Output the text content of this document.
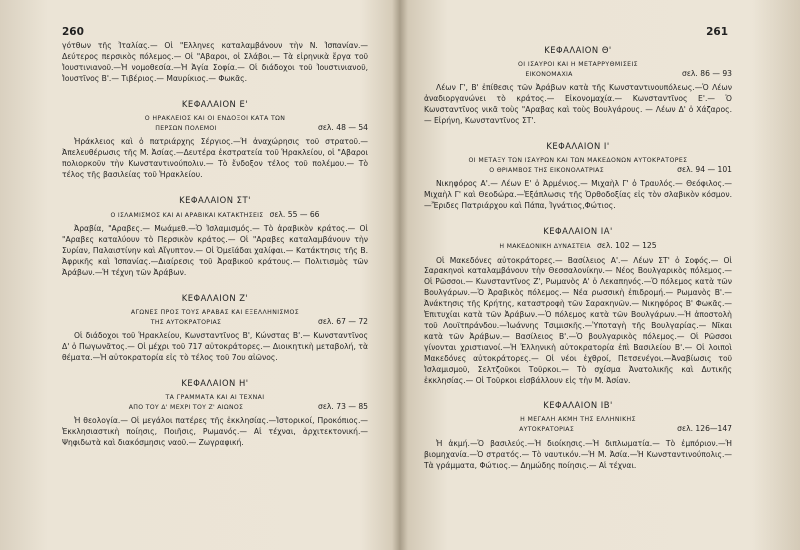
260

γότθων τῆς Ἰταλίας.— Οἱ "Ελληνες καταλαμβάνουν τὴν Ν. Ἱσπανίαν.— Δεύτερος περσικὸς πόλεμος.— Οἱ "Αβαροι, οἱ Σλάβοι.— Τὰ εἰρηνικὰ ἔργα τοῦ Ἰουστινιανοῦ.—Ἡ νομοθεσία.—Ἡ Ἁγία Σοφία.— Οἱ διάδοχοι τοῦ Ἰουστινιανοῦ, Ἰουστῖνος Β'.— Τιβέριος.— Μαυρίκιος.— Φωκᾶς.

ΚΕΦΑΛΑΙΟΝ Ε'
Ο ΗΡΑΚΛΕΙΟΣ ΚΑΙ ΟΙ ΕΝΔΟΞΟΙ ΚΑΤΑ ΤΩΝ
ΠΕΡΣΩΝ ΠΟΛΕΜΟΙ	σελ. 48 — 54

Ἡράκλειος καὶ ὁ πατριάρχης Σέργιος.—Ἡ ἀναχώρησις τοῦ στρατοῦ.—Ἀπελευθέρωσις τῆς Μ. Ἀσίας.—Δευτέρα ἐκστρατεία τοῦ Ἡρακλείου, οἱ "Αβαροι πολιορκοῦν τὴν Κωνσταντινούπολιν.— Τὸ ἔνδοξον τέλος τοῦ πολέμου.— Τὸ τέλος τῆς βασιλείας τοῦ Ἡρακλείου.

ΚΕΦΑΛΑΙΟΝ ΣΤ'
Ο ΙΣΛΑΜΙΣΜΟΣ ΚΑΙ ΑΙ ΑΡΑΒΙΚΑΙ ΚΑΤΑΚΤΗΣΕΙΣ σελ. 55 — 66

Ἀραβία, "Αραβες.— Μωάμεθ.—Ὁ Ἰσλαμισμός.— Τὸ ἀραβικὸν κράτος.— Οἱ "Αραβες καταλύουν τὸ Περσικὸν κράτος.— Οἱ "Αραβες καταλαμβάνουν τὴν Συρίαν, Παλαιστίνην καὶ Αἴγυπτον.— Οἱ Ὀμεϊάδαι χαλίφαι.— Κατάκτησις τῆς Β. Ἀφρικῆς καὶ Ἱσπανίας.—Διαίρεσις τοῦ Ἀραβικοῦ κράτους.— Πολιτισμὸς τῶν Ἀράβων.—Ἡ τέχνη τῶν Ἀράβων.

ΚΕΦΑΛΑΙΟΝ Ζ'
ΑΓΩΝΕΣ ΠΡΟΣ ΤΟΥΣ ΑΡΑΒΑΣ ΚΑΙ ΕΞΕΛΛΗΝΙΣΜΟΣ
ΤΗΣ ΑΥΤΟΚΡΑΤΟΡΙΑΣ	σελ. 67 — 72

Οἱ διάδοχοι τοῦ Ἡρακλείου, Κωνσταντῖνος Β', Κώνστας Β'.— Κωνσταντῖνος Δ' ὁ Πωγωνᾶτος.— Οἱ μέχρι τοῦ 717 αὐτοκράτορες.— Διοικητικὴ μεταβολή, τὰ θέματα.—Ἡ αὐτοκρατορία εἰς τὸ τέλος τοῦ 7ου αἰῶνος.

ΚΕΦΑΛΑΙΟΝ Η'
ΤΑ ΓΡΑΜΜΑΤΑ ΚΑΙ ΑΙ ΤΕΧΝΑΙ
ΑΠΟ ΤΟΥ Δ' ΜΕΧΡΙ ΤΟΥ Ζ' ΑΙΩΝΟΣ	σελ. 73 — 85

Ἡ θεολογία.— Οἱ μεγάλοι πατέρες τῆς ἐκκλησίας.—Ἱστορικοί, Προκόπιος.—Ἐκκλησιαστικὴ ποίησις, Ποιῆσις, Ρωμανός.— Αἱ τέχναι, ἀρχιτεκτονική.— Ψηφιδωτὰ καὶ διακόσμησις ναοῦ.— Ζωγραφική.

261
ΚΕΦΑΛΑΙΟΝ Θ'
ΟΙ ΙΣΑΥΡΟΙ ΚΑΙ Η ΜΕΤΑΡΡΥΘΜΙΣΕΙΣ
ΕΙΚΟΝΟΜΑΧΙΑ	σελ. 86 — 93

Λέων Γ', Β' ἐπίθεσις τῶν Ἀράβων κατὰ τῆς Κωνσταντινουπόλεως.—Ὁ Λέων ἀναδιοργανώνει τὸ κράτος.— Εἰκονομαχία.— Κωνσταντῖνος Ε'.— Ὁ Κωνσταντῖνος νικᾶ τοὺς "Αραβας καὶ τοὺς Βουλγάρους. — Λέων Δ' ὁ Χάζαρος.— Εἰρήνη, Κωνσταντῖνος ΣΤ'.

ΚΕΦΑΛΑΙΟΝ Ι'
ΟΙ ΜΕΤΑΞΥ ΤΩΝ ΙΣΑΥΡΩΝ ΚΑΙ ΤΩΝ ΜΑΚΕΔΟΝΩΝ ΑΥΤΟΚΡΑΤΟΡΕΣ
Ο ΘΡΙΑΜΒΟΣ ΤΗΣ ΕΙΚΟΝΟΛΑΤΡΙΑΣ	σελ. 94 — 101

Νικηφόρος Α'.— Λέων Ε' ὁ Ἀρμένιος.— Μιχαὴλ Γ' ὁ Τραυλός.— Θεόφιλος.— Μιχαὴλ Γ' καὶ Θεοδώρα.—Ἐξάπλωσις τῆς Ὀρθοδοξίας εἰς τὸν σλαβικὸν κόσμον.—Ἔριδες Πατριάρχου καὶ Πάπα, Ἰγνάτιος,Φώτιος.

ΚΕΦΑΛΑΙΟΝ ΙΑ'
Η ΜΑΚΕΔΟΝΙΚΗ ΔΥΝΑΣΤΕΙΑ σελ. 102 — 125

Οἱ Μακεδόνες αὐτοκράτορες.— Βασίλειος Α'.— Λέων ΣΤ' ὁ Σοφός.— Οἱ Σαρακηνοὶ καταλαμβάνουν τὴν Θεσσαλονίκην.— Νέος Βουλγαρικὸς πόλεμος.— Οἱ Ρῶσσοι.— Κωνσταντῖνος Ζ', Ρωμανὸς Α' ὁ Λεκαπηνός.—Ὁ πόλεμος κατὰ τῶν Βουλγάρων.—Ὁ Ἀραβικὸς πόλεμος.— Νέα ρωσσικὴ ἐπιδρομή.— Ρωμανὸς Β'.—Ἀνάκτησις τῆς Κρήτης, καταστροφὴ τῶν Σαρακηνῶν.— Νικηφόρος Β' Φωκᾶς.—Ἐπιτυχίαι κατὰ τῶν Ἀράβων.—Ὁ πόλεμος κατὰ τῶν Βουλγάρων.—Ἡ ἀποστολὴ τοῦ Λουϊτπράνδου.—Ἰωάννης Τσιμισκῆς.—Ὑποταγὴ τῆς Βουλγαρίας.— Νῖκαι κατὰ τῶν Ἀράβων.— Βασίλειος Β'.—Ὁ βουλγαρικὸς πόλεμος.— Οἱ Ρῶσσοι γίνονται χριστιανοί.—Ἡ Ἑλληνικὴ αὐτοκρατορία ἐπὶ Βασιλείου Β'.— Οἱ λοιποὶ Μακεδόνες αὐτοκράτορες.— Οἱ νέοι ἐχθροί, Πετσενέγοι.—Ἀναβίωσις τοῦ Ἰσλαμισμοῦ, Σελτζοῦκοι Τοῦρκοι.— Τὸ σχίσμα Ἀνατολικῆς καὶ Δυτικῆς ἐκκλησίας.— Οἱ Τοῦρκοι εἰσβάλλουν εἰς τὴν Μ. Ἀσίαν.

ΚΕΦΑΛΑΙΟΝ ΙΒ'
Η ΜΕΓΑΛΗ ΑΚΜΗ ΤΗΣ ΕΛΛΗΝΙΚΗΣ
ΑΥΤΟΚΡΑΤΟΡΙΑΣ	σελ. 126—147

Ἡ ἀκμή.—Ὁ βασιλεύς.—Ἡ διοίκησις.—Ἡ διπλωματία.— Τὸ ἐμπόριον.—Ἡ βιομηχανία.—Ὁ στρατός.— Τὸ ναυτικόν.—Ἡ Μ. Ἀσία.—Ἡ Κωνσταντινούπολις.— Τὰ γράμματα, Φώτιος.— Δημώδης ποίησις.— Αἱ τέχναι.
